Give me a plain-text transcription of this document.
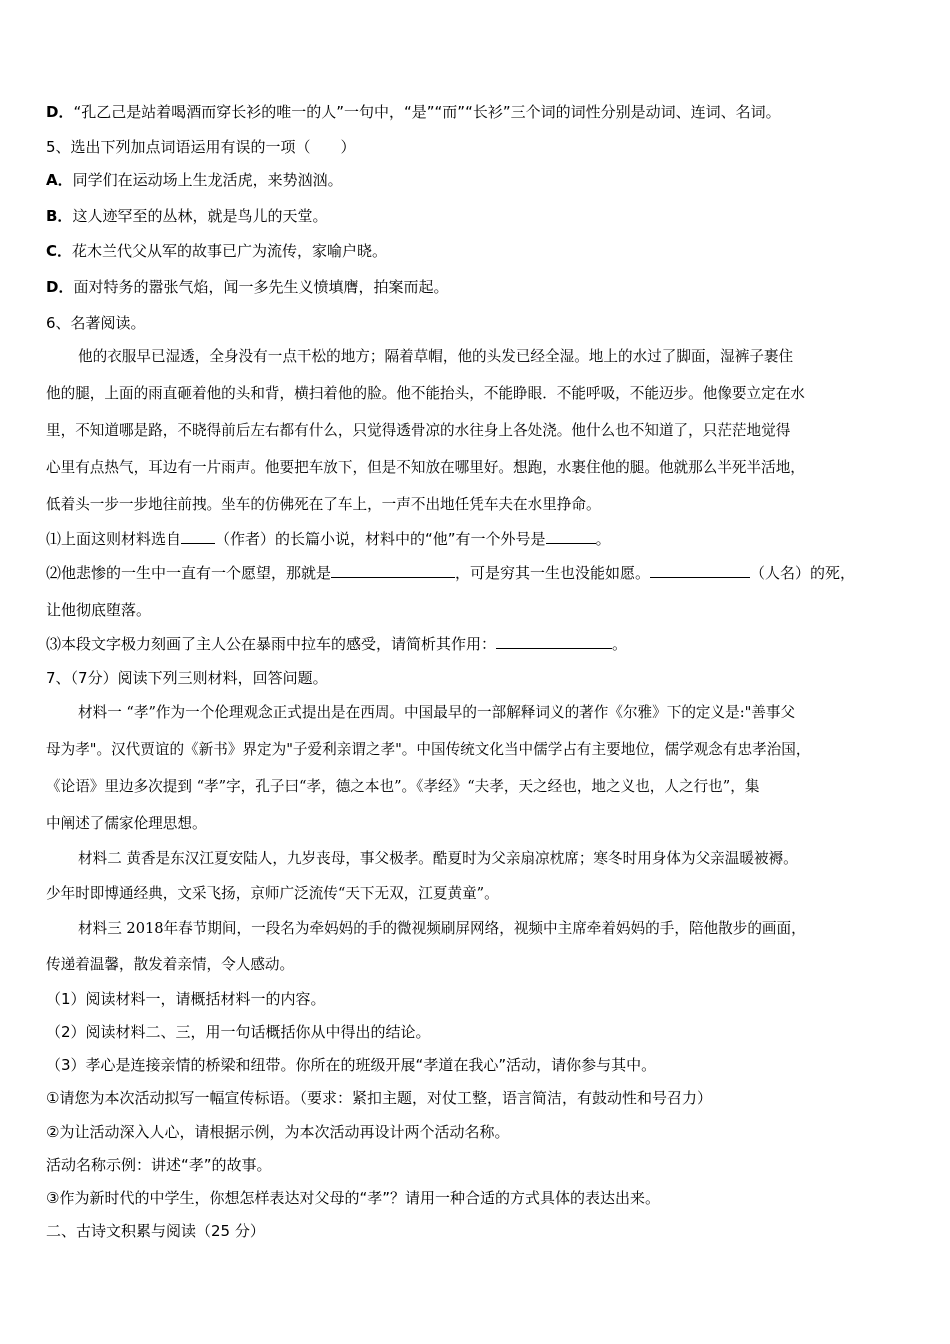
D．“孔乙己是站着喝酒而穿长衫的唯一的人”一句中，“是”“而”“长衫”三个词的词性分别是动词、连词、名词。
5、选出下列加点词语运用有误的一项（　　）
A．同学们在运动场上生龙活虎，来势汹汹。
B．这人迹罕至的丛林，就是鸟儿的天堂。
C．花木兰代父从军的故事已广为流传，家喻户晓。
D．面对特务的嚣张气焰，闻一多先生义愤填膺，拍案而起。
6、名著阅读。
他的衣服早已湿透，全身没有一点干松的地方；隔着草帽，他的头发已经全湿。地上的水过了脚面，湿裤子裹住
他的腿，上面的雨直砸着他的头和背，横扫着他的脸。他不能抬头，不能睁眼．不能呼吸，不能迈步。他像要立定在水
里，不知道哪是路，不晓得前后左右都有什么，只觉得透骨凉的水往身上各处浇。他什么也不知道了，只茫茫地觉得
心里有点热气，耳边有一片雨声。他要把车放下，但是不知放在哪里好。想跑，水裹住他的腿。他就那么半死半活地，
低着头一步一步地往前拽。坐车的仿佛死在了车上，一声不出地任凭车夫在水里挣命。
⑴上面这则材料选自 （作者）的长篇小说，材料中的“他”有一个外号是	。
⑵他悲惨的一生中一直有一个愿望，那就是	，可是穷其一生也没能如愿。	（人名）的死，
让他彻底堕落。
⑶本段文字极力刻画了主人公在暴雨中拉车的感受，请简析其作用：	。
7、（7分）阅读下列三则材料，回答问题。
材料一 “孝”作为一个伦理观念正式提出是在西周。中国最早的一部解释词义的著作《尔雅》下的定义是:"善事父
母为孝"。汉代贾谊的《新书》界定为"子爱利亲谓之孝"。中国传统文化当中儒学占有主要地位，儒学观念有忠孝治国，
《论语》里边多次提到 “孝”字，孔子曰“孝，德之本也”。《孝经》“夫孝，天之经也，地之义也，人之行也”，集
中阐述了儒家伦理思想。
材料二 黄香是东汉江夏安陆人，九岁丧母，事父极孝。酷夏时为父亲扇凉枕席；寒冬时用身体为父亲温暖被褥。
少年时即博通经典，文采飞扬，京师广泛流传“天下无双，江夏黄童”。
材料三 2018年春节期间，一段名为牵妈妈的手的微视频刷屏网络，视频中主席牵着妈妈的手，陪他散步的画面，
传递着温馨，散发着亲情，令人感动。
（1）阅读材料一，请概括材料一的内容。
（2）阅读材料二、三，用一句话概括你从中得出的结论。
（3）孝心是连接亲情的桥梁和纽带。你所在的班级开展“孝道在我心”活动，请你参与其中。
①请您为本次活动拟写一幅宣传标语。（要求：紧扣主题，对仗工整，语言简洁，有鼓动性和号召力）
②为让活动深入人心，请根据示例，为本次活动再设计两个活动名称。
活动名称示例：讲述“孝”的故事。
③作为新时代的中学生，你想怎样表达对父母的“孝”？请用一种合适的方式具体的表达出来。
二、古诗文积累与阅读（25 分）
